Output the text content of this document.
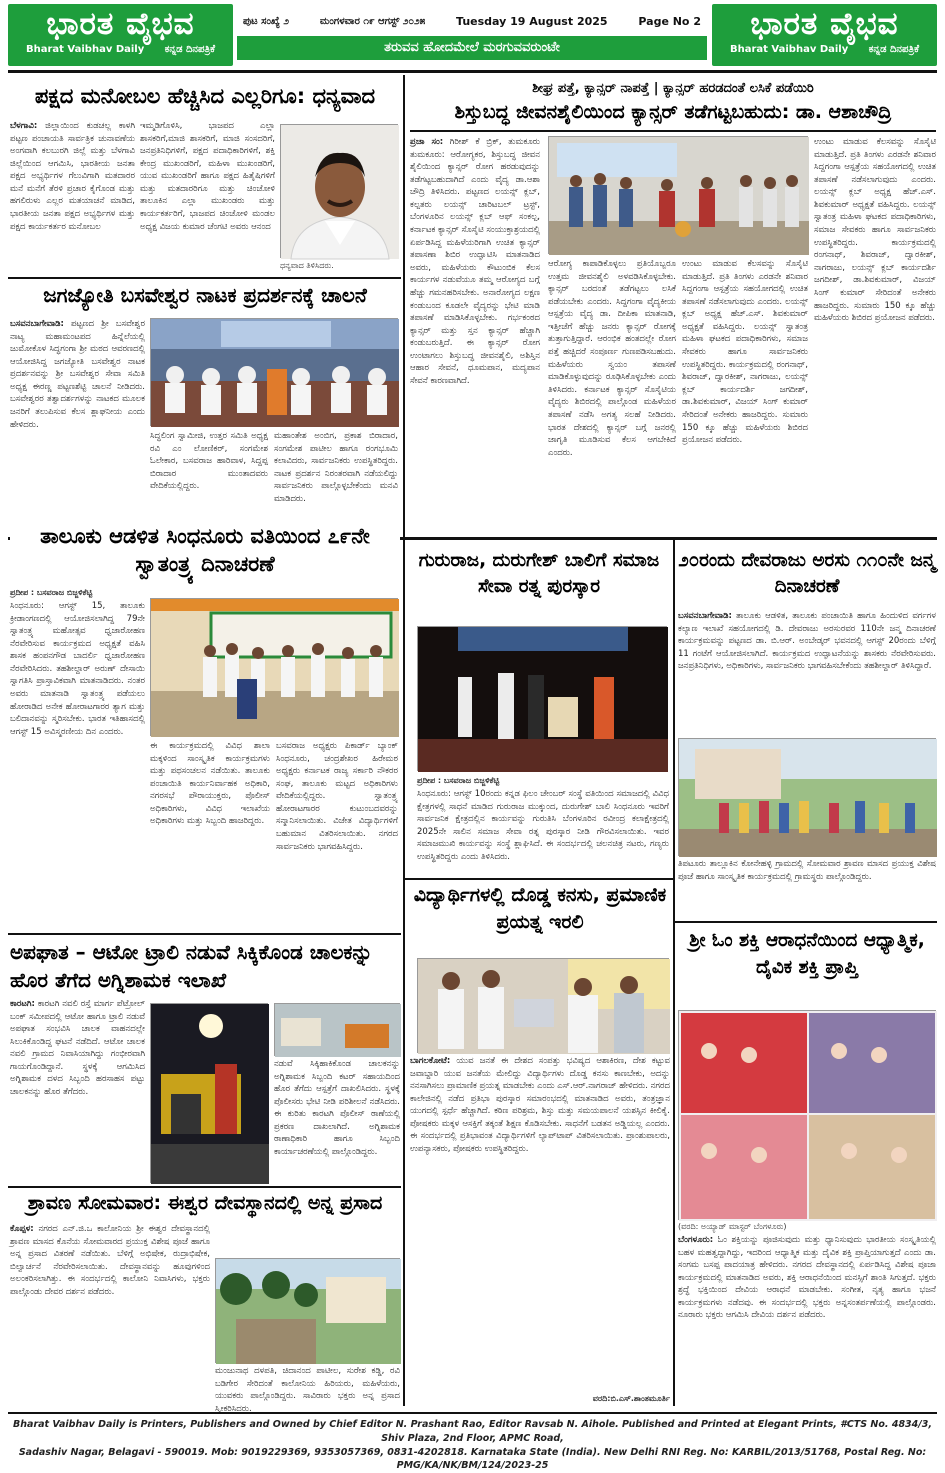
ಭಾರತ ವೈಭವ
Bharat Vaibhav Daily ಕನ್ನಡ ದಿನಪತ್ರಿಕೆ
ಪುಟ ಸಂಖ್ಯೆ ೨	ಮಂಗಳವಾರ ೧೯ ಆಗಸ್ಟ್ ೨೦೨೫	Tuesday 19 August 2025	Page No 2
ತರುವವ ಹೋದಮೇಲೆ ಮರಗುವವರುಂಟೇ
ಭಾರತ ವೈಭವ
Bharat Vaibhav Daily ಕನ್ನಡ ದಿನಪತ್ರಿಕೆ
ಪಕ್ಷದ ಮನೋಬಲ ಹೆಚ್ಚಿಸಿದ ಎಲ್ಲರಿಗೂ: ಧನ್ಯವಾದ
ಬೆಳಗಾವಿ: ಜಿಲ್ಲಾಯಿಂದ ಕುಡಚಲ್ಲ ಕಾಳಗಿ ಪಟ್ಟಣ ಪಂಚಾಯತಿ ಸಾರ್ವತ್ರಿಕ ಚುನಾವಣೆಯ ಅಂಗವಾಗಿ ಕಲಬುರಗಿ ಜಿಲ್ಲೆ ಮತ್ತು ಬೆಳಗಾವಿ ಜಿಲ್ಲೆಯಿಂದ ಆಗಮಿಸಿ, ಭಾರತೀಯ ಜನತಾ ಪಕ್ಷದ ಅಭ್ಯರ್ಥಿಗಳ ಗೆಲುವಿಗಾಗಿ ಮತದಾರರ ಮನೆ ಮನೆಗೆ ತೆರಳಿ ಪ್ರಚಾರ ಕೈಗೊಂಡ ಮತ್ತು ಹಗಲಿರುಳು ಎಲ್ಲರ ಮತಯಾಚನೆ ಮಾಡಿದ, ಭಾರತೀಯ ಜನತಾ ಪಕ್ಷದ ಅಭ್ಯರ್ಥಿಗಳ ಮತ್ತು ಪಕ್ಷದ ಕಾರ್ಯಕರ್ತರ ಮನೋಬಲ
ಇಮ್ಮಡಿಗೊಳಿಸಿ, ಭಾಜಪದ ಎಲ್ಲಾ ಶಾಸಕರಿಗೆ,ಮಾಜಿ ಶಾಸಕರಿಗೆ, ಮಾಜಿ ಸಂಸದರಿಗೆ, ಜನಪ್ರತಿನಿಧಿಗಳಿಗೆ, ಪಕ್ಷದ ಪದಾಧಿಕಾರಿಗಳಿಗೆ, ಶಕ್ತಿ ಕೇಂದ್ರ ಮುಖಂಡರಿಗೆ, ಮಹಿಳಾ ಮುಖಂಡರಿಗೆ, ಯುವ ಮುಖಂಡರಿಗೆ ಹಾಗೂ ಪಕ್ಷದ ಹಿತೈಷಿಗಳಿಗೆ ಮತ್ತು ಮತದಾರರಿಗೂ ಮತ್ತು ಚಿಂಚೋಳಿ ತಾಲೂಕಿನ ಎಲ್ಲಾ ಮುಖಂಡರು ಮತ್ತು ಕಾರ್ಯಕರ್ತರಿಗೆ, ಭಾಜಪದ ಚಿಂಚೋಳಿ ಮಂಡಲ ಅಧ್ಯಕ್ಷ ವಿಜಯ ಕುಮಾರ ಚೆಂಗಟಿ ಅವರು ಆನಂದ
ಧನ್ಯವಾದ ತಿಳಿಸಿದರು.
ಜಗಜ್ಯೋತಿ ಬಸವೇಶ್ವರ ನಾಟಕ ಪ್ರದರ್ಶನಕ್ಕೆ ಚಾಲನೆ
ಬಸವನಬಾಗೇವಾಡಿ: ಪಟ್ಟಣದ ಶ್ರೀ ಬಸವೇಶ್ವರ ನಾಟ್ಯ ಮಹಾಮಂಟಪದ ಹಿನ್ನೆಲೆಯಲ್ಲಿ ಜುಮೋಕೊಳ ಸಿದ್ಧಗಂಗಾ ಶ್ರೀ ಮಠದ ಆವರಣದಲ್ಲಿ ಆಯೋಜಿಸಿದ್ದ ಜಗಜ್ಯೋತಿ ಬಸವೇಶ್ವರ ನಾಟಕ ಪ್ರದರ್ಶನವನ್ನು ಶ್ರೀ ಬಸವೇಶ್ವರ ಸೇವಾ ಸಮಿತಿ ಅಧ್ಯಕ್ಷ ಈರಣ್ಣ ಪಟ್ಟಣಶೆಟ್ಟಿ ಚಾಲನೆ ನೀಡಿದರು. ಬಸವೇಶ್ವರರ ತತ್ವಾದರ್ಶಗಳನ್ನು ನಾಟಕದ ಮೂಲಕ ಜನರಿಗೆ ತಲುಪಿಸುವ ಕೆಲಸ ಶ್ಲಾಘನೀಯ ಎಂದು ಹೇಳಿದರು.
ಸಿದ್ಧಲಿಂಗ ಸ್ವಾಮೀಜಿ, ಉತ್ತರ ಸಮಿತಿ ಅಧ್ಯಕ್ಷ ರವಿ ಎಂ ಲೋಣಿಕರ್, ಸಂಗಮೇಶ ಓಲೇಕಾರ, ಬಸವರಾಜ ಹಾರಿವಾಳ, ಸಿದ್ದಪ್ಪ ಬಿರಾದಾರ ಮುಂತಾದವರು ವೇದಿಕೆಯಲ್ಲಿದ್ದರು.
ಮಹಾಂತೇಶ ಅಂಬಿಗ, ಪ್ರಕಾಶ ಬಿರಾದಾರ, ಸಂಗಮೇಶ ಪಾಟೀಲ ಹಾಗೂ ರಂಗಭೂಮಿ ಕಲಾವಿದರು, ಸಾರ್ವಜನಿಕರು ಉಪಸ್ಥಿತರಿದ್ದರು. ನಾಟಕ ಪ್ರದರ್ಶನ ನಿರಂತರವಾಗಿ ನಡೆಯಲಿದ್ದು ಸಾರ್ವಜನಿಕರು ಪಾಲ್ಗೊಳ್ಳಬೇಕೆಂದು ಮನವಿ ಮಾಡಿದರು.
ಶೀಘ್ರ ಪತ್ತೆ, ಕ್ಯಾನ್ಸರ್ ನಾಪತ್ತೆ | ಕ್ಯಾನ್ಸರ್ ಹರಡದಂತೆ ಲಸಿಕೆ ಪಡೆಯಿರಿ
ಶಿಸ್ತುಬದ್ಧ ಜೀವನಶೈಲಿಯಿಂದ ಕ್ಯಾನ್ಸರ್ ತಡೆಗಟ್ಟಬಹುದು: ಡಾ. ಆಶಾಚೌದ್ರಿ
ಪ್ರಜಾ ಸಂ: ಗಿರೀಶ್ ಕೆ ಬ್ರಿಕ್, ತುಮಕೂರು ತುಮಕೂರು: ಆರೋಗ್ಯಕರ, ಶಿಸ್ತುಬದ್ಧ ಜೀವನ ಶೈಲಿಯಿಂದ ಕ್ಯಾನ್ಸರ್ ರೋಗ ಹರಡುವುದನ್ನು ತಡೆಗಟ್ಟಬಹುದಾಗಿದೆ ಎಂದು ವೈದ್ಯ ಡಾ.ಆಶಾ ಚೌದ್ರಿ ತಿಳಿಸಿದರು. ಪಟ್ಟಣದ ಲಯನ್ಸ್ ಕ್ಲಬ್, ಕಲ್ಪತರು ಲಯನ್ಸ್ ಚಾರಿಟಬಲ್ ಟ್ರಸ್ಟ್, ಬೆಂಗಳೂರಿನ ಲಯನ್ಸ್ ಕ್ಲಬ್ ಆಫ್ ಸಂಕಲ್ಪ, ಕರ್ನಾಟಕ ಕ್ಯಾನ್ಸರ್ ಸೊಸೈಟಿ ಸಂಯುಕ್ತಾಶ್ರಯದಲ್ಲಿ ಏರ್ಪಡಿಸಿದ್ದ ಮಹಿಳೆಯರಿಗಾಗಿ ಉಚಿತ ಕ್ಯಾನ್ಸರ್ ತಪಾಸಣಾ ಶಿಬಿರ ಉದ್ಘಾಟಿಸಿ ಮಾತನಾಡಿದ ಅವರು, ಮಹಿಳೆಯರು ಕೌಟುಂಬಿಕ ಕೆಲಸ ಕಾರ್ಯಗಳ ನಡುವೆಯೂ ತಮ್ಮ ಆರೋಗ್ಯದ ಬಗ್ಗೆ ಹೆಚ್ಚು ಗಮನಹರಿಸಬೇಕು. ಅನಾರೋಗ್ಯದ ಲಕ್ಷಣ ಕಂಡುಬಂದ ಕೂಡಲೇ ವೈದ್ಯರನ್ನು ಭೇಟಿ ಮಾಡಿ ತಪಾಸಣೆ ಮಾಡಿಸಿಕೊಳ್ಳಬೇಕು. ಗರ್ಭಕಂಠದ ಕ್ಯಾನ್ಸರ್ ಮತ್ತು ಸ್ತನ ಕ್ಯಾನ್ಸರ್ ಹೆಚ್ಚಾಗಿ ಕಂಡುಬರುತ್ತಿದೆ. ಈ ಕ್ಯಾನ್ಸರ್ ರೋಗ ಉಂಟಾಗಲು ಶಿಸ್ತುಬದ್ಧ ಜೀವನಶೈಲಿ, ಅಶಿಸ್ತಿನ ಆಹಾರ ಸೇವನೆ, ಧೂಮಪಾನ, ಮದ್ಯಪಾನ ಸೇವನೆ ಕಾರಣವಾಗಿದೆ.
ಆರೋಗ್ಯ ಕಾಪಾಡಿಕೊಳ್ಳಲು ಪ್ರತಿಯೊಬ್ಬರೂ ಉತ್ತಮ ಜೀವನಶೈಲಿ ಅಳವಡಿಸಿಕೊಳ್ಳಬೇಕು. ಕ್ಯಾನ್ಸರ್ ಬರದಂತೆ ತಡೆಗಟ್ಟಲು ಲಸಿಕೆ ಪಡೆಯಬೇಕು ಎಂದರು. ಸಿದ್ದಗಂಗಾ ವೈದ್ಯಕೀಯ ಆಸ್ಪತ್ರೆಯ ವೈದ್ಯ ಡಾ. ದೀಪಿಕಾ ಮಾತನಾಡಿ, ಇತ್ತೀಚೆಗೆ ಹೆಚ್ಚು ಜನರು ಕ್ಯಾನ್ಸರ್ ರೋಗಕ್ಕೆ ತುತ್ತಾಗುತ್ತಿದ್ದಾರೆ. ಆರಂಭಿಕ ಹಂತದಲ್ಲೇ ರೋಗ ಪತ್ತೆ ಹಚ್ಚಿದರೆ ಸಂಪೂರ್ಣ ಗುಣಪಡಿಸಬಹುದು. ಮಹಿಳೆಯರು ಸ್ವಯಂ ತಪಾಸಣೆ ಮಾಡಿಕೊಳ್ಳುವುದನ್ನು ರೂಢಿಸಿಕೊಳ್ಳಬೇಕು ಎಂದು ತಿಳಿಸಿದರು. ಕರ್ನಾಟಕ ಕ್ಯಾನ್ಸರ್ ಸೊಸೈಟಿಯ ವೈದ್ಯರು ಶಿಬಿರದಲ್ಲಿ ಪಾಲ್ಗೊಂಡ ಮಹಿಳೆಯರ ತಪಾಸಣೆ ನಡೆಸಿ ಅಗತ್ಯ ಸಲಹೆ ನೀಡಿದರು. ಭಾರತ ದೇಶದಲ್ಲಿ ಕ್ಯಾನ್ಸರ್ ಬಗ್ಗೆ ಜನರಲ್ಲಿ ಜಾಗೃತಿ ಮೂಡಿಸುವ ಕೆಲಸ ಆಗಬೇಕಿದೆ ಎಂದರು.
ಉಂಟು ಮಾಡುವ ಕೆಲಸವನ್ನು ಸೊಸೈಟಿ ಮಾಡುತ್ತಿದೆ. ಪ್ರತಿ ತಿಂಗಳು ಎರಡನೇ ಶನಿವಾರ ಸಿದ್ದಗಂಗಾ ಆಸ್ಪತ್ರೆಯ ಸಹಯೋಗದಲ್ಲಿ ಉಚಿತ ತಪಾಸಣೆ ನಡೆಸಲಾಗುವುದು ಎಂದರು. ಲಯನ್ಸ್ ಕ್ಲಬ್ ಅಧ್ಯಕ್ಷ ಹೆಚ್.ಎಸ್. ಶಿವಕುಮಾರ್ ಅಧ್ಯಕ್ಷತೆ ವಹಿಸಿದ್ದರು. ಲಯನ್ಸ್ ಸ್ವಾತಂತ್ರ ಮಹಿಳಾ ಘಟಕದ ಪದಾಧಿಕಾರಿಗಳು, ಸಮಾಜ ಸೇವಕರು ಹಾಗೂ ಸಾರ್ವಜನಿಕರು ಉಪಸ್ಥಿತರಿದ್ದರು. ಕಾರ್ಯಕ್ರಮದಲ್ಲಿ ರಂಗನಾಥ್, ಶಿವರಾಜ್, ದ್ವಾರಕೀಶ್, ನಾಗರಾಜು, ಲಯನ್ಸ್ ಕ್ಲಬ್ ಕಾರ್ಯದರ್ಶಿ ಜಗದೀಶ್, ಡಾ.ಶಿವಕುಮಾರ್, ವಿಜಯ್ ಸಿಂಗ್ ಕುಮಾರ್ ಸೇರಿದಂತೆ ಅನೇಕರು ಹಾಜರಿದ್ದರು. ಸುಮಾರು 150 ಕ್ಕೂ ಹೆಚ್ಚು ಮಹಿಳೆಯರು ಶಿಬಿರದ ಪ್ರಯೋಜನ ಪಡೆದರು.
ಉಂಟು ಮಾಡುವ ಕೆಲಸವನ್ನು ಸೊಸೈಟಿ ಮಾಡುತ್ತಿದೆ. ಪ್ರತಿ ತಿಂಗಳು ಎರಡನೇ ಶನಿವಾರ ಸಿದ್ದಗಂಗಾ ಆಸ್ಪತ್ರೆಯ ಸಹಯೋಗದಲ್ಲಿ ಉಚಿತ ತಪಾಸಣೆ ನಡೆಸಲಾಗುವುದು ಎಂದರು. ಲಯನ್ಸ್ ಕ್ಲಬ್ ಅಧ್ಯಕ್ಷ ಹೆಚ್.ಎಸ್. ಶಿವಕುಮಾರ್ ಅಧ್ಯಕ್ಷತೆ ವಹಿಸಿದ್ದರು. ಲಯನ್ಸ್ ಸ್ವಾತಂತ್ರ ಮಹಿಳಾ ಘಟಕದ ಪದಾಧಿಕಾರಿಗಳು, ಸಮಾಜ ಸೇವಕರು ಹಾಗೂ ಸಾರ್ವಜನಿಕರು ಉಪಸ್ಥಿತರಿದ್ದರು. ಕಾರ್ಯಕ್ರಮದಲ್ಲಿ ರಂಗನಾಥ್, ಶಿವರಾಜ್, ದ್ವಾರಕೀಶ್, ನಾಗರಾಜು, ಲಯನ್ಸ್ ಕ್ಲಬ್ ಕಾರ್ಯದರ್ಶಿ ಜಗದೀಶ್, ಡಾ.ಶಿವಕುಮಾರ್, ವಿಜಯ್ ಸಿಂಗ್ ಕುಮಾರ್ ಸೇರಿದಂತೆ ಅನೇಕರು ಹಾಜರಿದ್ದರು. ಸುಮಾರು 150 ಕ್ಕೂ ಹೆಚ್ಚು ಮಹಿಳೆಯರು ಶಿಬಿರದ ಪ್ರಯೋಜನ ಪಡೆದರು.
ತಾಲೂಕು ಆಡಳಿತ ಸಿಂಧನೂರು ವತಿಯಿಂದ ೭೯ನೇ ಸ್ವಾತಂತ್ರ್ಯ ದಿನಾಚರಣೆ
ಪ್ರದೀಪ : ಬಸವರಾಜ ಬಿಜ್ಜಳಿಕೆಟ್ಟಿ
ಸಿಂಧನೂರು: ಆಗಸ್ಟ್ 15, ತಾಲೂಕು ಕ್ರೀಡಾಂಗಣದಲ್ಲಿ ಆಯೋಜಿಸಲಾಗಿದ್ದ 79ನೇ ಸ್ವಾತಂತ್ರ್ಯ ಮಹೋತ್ಸವ ಧ್ವಜಾರೋಹಣ ನೆರವೇರಿಸುವ ಕಾರ್ಯಕ್ರಮದ ಅಧ್ಯಕ್ಷತೆ ವಹಿಸಿ ಶಾಸಕ ಹಂಪನಗೌಡ ಬಾದರ್ಲಿ ಧ್ವಜಾರೋಹಣ ನೆರವೇರಿಸಿದರು. ತಹಶೀಲ್ದಾರ್ ಅರುಣ್ ದೇಸಾಯಿ ಸ್ವಾಗತಿಸಿ ಪ್ರಾಸ್ತಾವಿಕವಾಗಿ ಮಾತನಾಡಿದರು. ನಂತರ ಅವರು ಮಾತನಾಡಿ ಸ್ವಾತಂತ್ರ್ಯ ಪಡೆಯಲು ಹೋರಾಡಿದ ಅನೇಕ ಹೋರಾಟಗಾರರ ತ್ಯಾಗ ಮತ್ತು ಬಲಿದಾನವನ್ನು ಸ್ಮರಿಸಬೇಕು. ಭಾರತ ಇತಿಹಾಸದಲ್ಲಿ ಆಗಸ್ಟ್ 15 ಅವಿಸ್ಮರಣೀಯ ದಿನ ಎಂದರು.
ಈ ಕಾರ್ಯಕ್ರಮದಲ್ಲಿ ವಿವಿಧ ಶಾಲಾ ಮಕ್ಕಳಿಂದ ಸಾಂಸ್ಕೃತಿಕ ಕಾರ್ಯಕ್ರಮಗಳು ಮತ್ತು ಪಥಸಂಚಲನ ನಡೆಯಿತು. ತಾಲೂಕು ಪಂಚಾಯಿತಿ ಕಾರ್ಯನಿರ್ವಾಹಕ ಅಧಿಕಾರಿ, ನಗರಸಭೆ ಪೌರಾಯುಕ್ತರು, ಪೊಲೀಸ್ ಅಧಿಕಾರಿಗಳು, ವಿವಿಧ ಇಲಾಖೆಯ ಅಧಿಕಾರಿಗಳು ಮತ್ತು ಸಿಬ್ಬಂದಿ ಹಾಜರಿದ್ದರು.
ಬಸವರಾಜ ಅಧ್ಯಕ್ಷರು ಪಿಕಾರ್ಡ್ ಬ್ಯಾಂಕ್ ಸಿಂಧನೂರು, ಚಂದ್ರಶೇಖರ ಹಿರೇಮಠ ಅಧ್ಯಕ್ಷರು ಕರ್ನಾಟಕ ರಾಜ್ಯ ಸರ್ಕಾರಿ ನೌಕರರ ಸಂಘ, ತಾಲೂಕು ಮಟ್ಟದ ಅಧಿಕಾರಿಗಳು ವೇದಿಕೆಯಲ್ಲಿದ್ದರು. ಸ್ವಾತಂತ್ರ್ಯ ಹೋರಾಟಗಾರರ ಕುಟುಂಬದವರನ್ನು ಸನ್ಮಾನಿಸಲಾಯಿತು. ವಿಜೇತ ವಿದ್ಯಾರ್ಥಿಗಳಿಗೆ ಬಹುಮಾನ ವಿತರಿಸಲಾಯಿತು. ನಗರದ ಸಾರ್ವಜನಿಕರು ಭಾಗವಹಿಸಿದ್ದರು.
ಅಪಘಾತ – ಆಟೋ ಟ್ರಾಲಿ ನಡುವೆ ಸಿಕ್ಕಿಕೊಂಡ ಚಾಲಕನ್ನು ಹೊರ ತೆಗೆದ ಅಗ್ನಿಶಾಮಕ ಇಲಾಖೆ
ಕಾರಟಗಿ: ಕಾರಟಗಿ ನವಲಿ ರಸ್ತೆ ಮಾರ್ಗ ಪೆಟ್ರೋಲ್ ಬಂಕ್ ಸಮೀಪದಲ್ಲಿ ಆಟೋ ಹಾಗೂ ಟ್ರಾಲಿ ನಡುವೆ ಅಪಘಾತ ಸಂಭವಿಸಿ ಚಾಲಕ ವಾಹನದಲ್ಲೇ ಸಿಲುಕಿಕೊಂಡಿದ್ದ ಘಟನೆ ನಡೆದಿದೆ. ಆಟೋ ಚಾಲಕ ನವಲಿ ಗ್ರಾಮದ ನಿವಾಸಿಯಾಗಿದ್ದು ಗಂಭೀರವಾಗಿ ಗಾಯಗೊಂಡಿದ್ದಾನೆ. ಸ್ಥಳಕ್ಕೆ ಆಗಮಿಸಿದ ಅಗ್ನಿಶಾಮಕ ದಳದ ಸಿಬ್ಬಂದಿ ಹರಸಾಹಸ ಪಟ್ಟು ಚಾಲಕನನ್ನು ಹೊರ ತೆಗೆದರು.
ನಡುವೆ ಸಿಕ್ಕಿಹಾಕಿಕೊಂಡ ಚಾಲಕನನ್ನು ಅಗ್ನಿಶಾಮಕ ಸಿಬ್ಬಂದಿ ಕಟರ್ ಸಹಾಯದಿಂದ ಹೊರ ತೆಗೆದು ಆಸ್ಪತ್ರೆಗೆ ದಾಖಲಿಸಿದರು. ಸ್ಥಳಕ್ಕೆ ಪೊಲೀಸರು ಭೇಟಿ ನೀಡಿ ಪರಿಶೀಲನೆ ನಡೆಸಿದರು. ಈ ಕುರಿತು ಕಾರಟಗಿ ಪೊಲೀಸ್ ಠಾಣೆಯಲ್ಲಿ ಪ್ರಕರಣ ದಾಖಲಾಗಿದೆ. ಅಗ್ನಿಶಾಮಕ ಠಾಣಾಧಿಕಾರಿ ಹಾಗೂ ಸಿಬ್ಬಂದಿ ಕಾರ್ಯಾಚರಣೆಯಲ್ಲಿ ಪಾಲ್ಗೊಂಡಿದ್ದರು.
ಶ್ರಾವಣ ಸೋಮವಾರ: ಈಶ್ವರ ದೇವಸ್ಥಾನದಲ್ಲಿ ಅನ್ನ ಪ್ರಸಾದ
ಕೊಪ್ಪಳ: ನಗರದ ಎನ್.ಜಿ.ಒ ಕಾಲೋನಿಯ ಶ್ರೀ ಈಶ್ವರ ದೇವಸ್ಥಾನದಲ್ಲಿ ಶ್ರಾವಣ ಮಾಸದ ಕೊನೆಯ ಸೋಮವಾರದ ಪ್ರಯುಕ್ತ ವಿಶೇಷ ಪೂಜೆ ಹಾಗೂ ಅನ್ನ ಪ್ರಸಾದ ವಿತರಣೆ ನಡೆಯಿತು. ಬೆಳಿಗ್ಗೆ ಅಭಿಷೇಕ, ರುದ್ರಾಭಿಷೇಕ, ಬಿಲ್ವಾರ್ಚನೆ ನೆರವೇರಿಸಲಾಯಿತು. ದೇವಸ್ಥಾನವನ್ನು ಹೂವುಗಳಿಂದ ಅಲಂಕರಿಸಲಾಗಿತ್ತು. ಈ ಸಂದರ್ಭದಲ್ಲಿ ಕಾಲೋನಿ ನಿವಾಸಿಗಳು, ಭಕ್ತರು ಪಾಲ್ಗೊಂಡು ದೇವರ ದರ್ಶನ ಪಡೆದರು.
ಮಂಜುನಾಥ ದಳಪತಿ, ಚಿದಾನಂದ ಪಾಟೀಲ, ಸುರೇಶ ಕಡ್ಡಿ, ರವಿ ಬಡಿಗೇರ ಸೇರಿದಂತೆ ಕಾಲೋನಿಯ ಹಿರಿಯರು, ಮಹಿಳೆಯರು, ಯುವಕರು ಪಾಲ್ಗೊಂಡಿದ್ದರು. ಸಾವಿರಾರು ಭಕ್ತರು ಅನ್ನ ಪ್ರಸಾದ ಸ್ವೀಕರಿಸಿದರು.
ಗುರುರಾಜ, ದುರುಗೇಶ್ ಬಾಲಿಗೆ ಸಮಾಜ ಸೇವಾ ರತ್ನ ಪುರಸ್ಕಾರ
ಪ್ರದೀಪ : ಬಸವರಾಜ ಬಿಜ್ಜಳಿಕೆಟ್ಟಿ
ಸಿಂಧನೂರು: ಆಗಸ್ಟ್ 10ರಂದು ಕನ್ನಡ ಫಿಲಂ ಚೇಂಬರ್ ಸಂಸ್ಥೆ ವತಿಯಿಂದ ಸಮಾಜದಲ್ಲಿ ವಿವಿಧ ಕ್ಷೇತ್ರಗಳಲ್ಲಿ ಸಾಧನೆ ಮಾಡಿದ ಗುರುರಾಜ ಮುಕ್ಕುಂದ, ದುರುಗೇಶ್ ಬಾಲಿ ಸಿಂಧನೂರು ಇವರಿಗೆ ಸಾರ್ವಜನಿಕ ಕ್ಷೇತ್ರದಲ್ಲಿನ ಕಾರ್ಯವನ್ನು ಗುರುತಿಸಿ ಬೆಂಗಳೂರಿನ ರವೀಂದ್ರ ಕಲಾಕ್ಷೇತ್ರದಲ್ಲಿ 2025ನೇ ಸಾಲಿನ ಸಮಾಜ ಸೇವಾ ರತ್ನ ಪುರಸ್ಕಾರ ನೀಡಿ ಗೌರವಿಸಲಾಯಿತು. ಇವರ ಸಮಾಜಮುಖಿ ಕಾರ್ಯವನ್ನು ಸಂಸ್ಥೆ ಶ್ಲಾಘಿಸಿದೆ. ಈ ಸಂದರ್ಭದಲ್ಲಿ ಚಲನಚಿತ್ರ ನಟರು, ಗಣ್ಯರು ಉಪಸ್ಥಿತರಿದ್ದರು ಎಂದು ತಿಳಿಸಿದರು.
ವಿದ್ಯಾರ್ಥಿಗಳಲ್ಲಿ ದೊಡ್ಡ ಕನಸು, ಪ್ರಮಾಣಿಕ ಪ್ರಯತ್ನ ಇರಲಿ
ಬಾಗಲಕೋಟೆ: ಯುವ ಜನತೆ ಈ ದೇಶದ ಸಂಪತ್ತು ಭವಿಷ್ಯದ ಆಶಾಕಿರಣ, ದೇಶ ಕಟ್ಟುವ ಜವಾಬ್ದಾರಿ ಯುವ ಜನತೆಯ ಮೇಲಿದ್ದು ವಿದ್ಯಾರ್ಥಿಗಳು ದೊಡ್ಡ ಕನಸು ಕಾಣಬೇಕು, ಅದನ್ನು ನನಸಾಗಿಸಲು ಪ್ರಾಮಾಣಿಕ ಪ್ರಯತ್ನ ಮಾಡಬೇಕು ಎಂದು ಎಸ್.ಆರ್.ನಾಗರಾಜ್ ಹೇಳಿದರು. ನಗರದ ಕಾಲೇಜಿನಲ್ಲಿ ನಡೆದ ಪ್ರತಿಭಾ ಪುರಸ್ಕಾರ ಸಮಾರಂಭದಲ್ಲಿ ಮಾತನಾಡಿದ ಅವರು, ತಂತ್ರಜ್ಞಾನ ಯುಗದಲ್ಲಿ ಸ್ಪರ್ಧೆ ಹೆಚ್ಚಾಗಿದೆ. ಕಠಿಣ ಪರಿಶ್ರಮ, ಶಿಸ್ತು ಮತ್ತು ಸಮಯಪಾಲನೆ ಯಶಸ್ಸಿನ ಕೀಲಿಕೈ. ಪೋಷಕರು ಮಕ್ಕಳ ಆಸಕ್ತಿಗೆ ತಕ್ಕಂತೆ ಶಿಕ್ಷಣ ಕೊಡಿಸಬೇಕು. ಸಾಧನೆಗೆ ಬಡತನ ಅಡ್ಡಿಯಲ್ಲ ಎಂದರು. ಈ ಸಂದರ್ಭದಲ್ಲಿ ಪ್ರತಿಭಾವಂತ ವಿದ್ಯಾರ್ಥಿಗಳಿಗೆ ಲ್ಯಾಪ್‌ಟಾಪ್ ವಿತರಿಸಲಾಯಿತು. ಪ್ರಾಂಶುಪಾಲರು, ಉಪನ್ಯಾಸಕರು, ಪೋಷಕರು ಉಪಸ್ಥಿತರಿದ್ದರು.
ವರದಿ:ಬಿ.ಎಸ್.ಶಾಂತಮೂರ್ತಿ
೨೦ರಂದು ದೇವರಾಜು ಅರಸು ೧೧೦ನೇ ಜನ್ಮ ದಿನಾಚರಣೆ
ಬಸವನಬಾಗೇವಾಡಿ: ತಾಲೂಕು ಆಡಳಿತ, ತಾಲೂಕು ಪಂಚಾಯಿತಿ ಹಾಗೂ ಹಿಂದುಳಿದ ವರ್ಗಗಳ ಕಲ್ಯಾಣ ಇಲಾಖೆ ಸಹಯೋಗದಲ್ಲಿ ಡಿ. ದೇವರಾಜು ಅರಸುರವರ 110ನೇ ಜನ್ಮ ದಿನಾಚರಣೆ ಕಾರ್ಯಕ್ರಮವನ್ನು ಪಟ್ಟಣದ ಡಾ. ಬಿ.ಆರ್. ಅಂಬೇಡ್ಕರ್ ಭವನದಲ್ಲಿ ಆಗಸ್ಟ್ 20ರಂದು ಬೆಳಿಗ್ಗೆ 11 ಗಂಟೆಗೆ ಆಯೋಜಿಸಲಾಗಿದೆ. ಕಾರ್ಯಕ್ರಮದ ಉದ್ಘಾಟನೆಯನ್ನು ಶಾಸಕರು ನೆರವೇರಿಸುವರು. ಜನಪ್ರತಿನಿಧಿಗಳು, ಅಧಿಕಾರಿಗಳು, ಸಾರ್ವಜನಿಕರು ಭಾಗವಹಿಸಬೇಕೆಂದು ತಹಶೀಲ್ದಾರ್ ತಿಳಿಸಿದ್ದಾರೆ.
ತಿಪಟೂರು ತಾಲ್ಲೂಕಿನ ಕೋನೇಹಳ್ಳಿ ಗ್ರಾಮದಲ್ಲಿ ಸೋಮವಾರ ಶ್ರಾವಣ ಮಾಸದ ಪ್ರಯುಕ್ತ ವಿಶೇಷ ಪೂಜೆ ಹಾಗೂ ಸಾಂಸ್ಕೃತಿಕ ಕಾರ್ಯಕ್ರಮದಲ್ಲಿ ಗ್ರಾಮಸ್ಥರು ಪಾಲ್ಗೊಂಡಿದ್ದರು.
ಶ್ರೀ ಓಂ ಶಕ್ತಿ ಆರಾಧನೆಯಿಂದ ಆಧ್ಯಾತ್ಮಿಕ, ದೈವಿಕ ಶಕ್ತಿ ಪ್ರಾಪ್ತಿ
(ವರದಿ: ಅಯ್ಯಾಡ್ ಮಾಸ್ಟರ್ ಬೆಂಗಳೂರು)
ಬೆಂಗಳೂರು: ಓಂ ಶಕ್ತಿಯನ್ನು ಪೂಜಿಸುವುದು ಮತ್ತು ಧ್ಯಾನಿಸುವುದು ಭಾರತೀಯ ಸಂಸ್ಕೃತಿಯಲ್ಲಿ ಬಹಳ ಮಹತ್ವದ್ದಾಗಿದ್ದು, ಇದರಿಂದ ಆಧ್ಯಾತ್ಮಿಕ ಮತ್ತು ದೈವಿಕ ಶಕ್ತಿ ಪ್ರಾಪ್ತಿಯಾಗುತ್ತದೆ ಎಂದು ಡಾ. ಸಂಗಮ ಬಸಪ್ಪ ಪಾದಯಾತ್ರ ಹೇಳಿದರು. ನಗರದ ದೇವಸ್ಥಾನದಲ್ಲಿ ಏರ್ಪಡಿಸಿದ್ದ ವಿಶೇಷ ಪೂಜಾ ಕಾರ್ಯಕ್ರಮದಲ್ಲಿ ಮಾತನಾಡಿದ ಅವರು, ಶಕ್ತಿ ಆರಾಧನೆಯಿಂದ ಮನಸ್ಸಿಗೆ ಶಾಂತಿ ಸಿಗುತ್ತದೆ. ಭಕ್ತರು ಶ್ರದ್ಧೆ ಭಕ್ತಿಯಿಂದ ದೇವಿಯ ಆರಾಧನೆ ಮಾಡಬೇಕು. ಸಂಗೀತ, ನೃತ್ಯ ಹಾಗೂ ಭಜನೆ ಕಾರ್ಯಕ್ರಮಗಳು ನಡೆದವು. ಈ ಸಂದರ್ಭದಲ್ಲಿ ಭಕ್ತರು ಅನ್ನಸಂತರ್ಪಣೆಯಲ್ಲಿ ಪಾಲ್ಗೊಂಡರು. ನೂರಾರು ಭಕ್ತರು ಆಗಮಿಸಿ ದೇವಿಯ ದರ್ಶನ ಪಡೆದರು.
Bharat Vaibhav Daily is Printers, Publishers and Owned by Chief Editor N. Prashant Rao, Editor Ravsab N. Aihole. Published and Printed at Elegant Prints, #CTS No. 4834/3, Shiv Plaza, 2nd Floor, APMC Road,
Sadashiv Nagar, Belagavi - 590019. Mob: 9019229369, 9353057369, 0831-4202818. Karnataka State (India). New Delhi RNI Reg. No: KARBIL/2013/51768, Postal Reg. No: PMG/KA/NK/BM/124/2023-25
